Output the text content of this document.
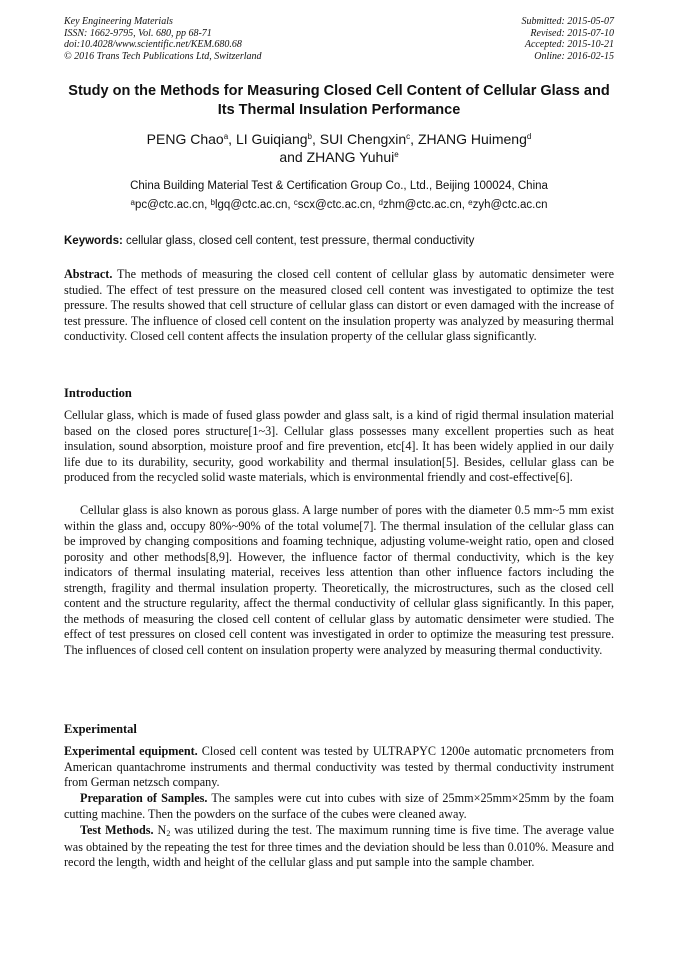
Key Engineering Materials
ISSN: 1662-9795, Vol. 680, pp 68-71
doi:10.4028/www.scientific.net/KEM.680.68
© 2016 Trans Tech Publications Ltd, Switzerland
Submitted: 2015-05-07
Revised: 2015-07-10
Accepted: 2015-10-21
Online: 2016-02-15
Study on the Methods for Measuring Closed Cell Content of Cellular Glass and Its Thermal Insulation Performance
PENG Chao$^a$, LI Guiqiang$^b$, SUI Chengxin$^c$, ZHANG Huimeng$^d$
and ZHANG Yuhui$^e$
China Building Material Test & Certification Group Co., Ltd., Beijing 100024, China
$^a$pc@ctc.ac.cn, $^b$lgq@ctc.ac.cn, $^c$scx@ctc.ac.cn, $^d$zhm@ctc.ac.cn, $^e$zyh@ctc.ac.cn
Keywords: cellular glass, closed cell content, test pressure, thermal conductivity
Abstract. The methods of measuring the closed cell content of cellular glass by automatic densimeter were studied. The effect of test pressure on the measured closed cell content was investigated to optimize the test pressure. The results showed that cell structure of cellular glass can distort or even damaged with the increase of test pressure. The influence of closed cell content on the insulation property was analyzed by measuring thermal conductivity. Closed cell content affects the insulation property of the cellular glass significantly.
Introduction
Cellular glass, which is made of fused glass powder and glass salt, is a kind of rigid thermal insulation material based on the closed pores structure[1~3]. Cellular glass possesses many excellent properties such as heat insulation, sound absorption, moisture proof and fire prevention, etc[4]. It has been widely applied in our daily life due to its durability, security, good workability and thermal insulation[5]. Besides, cellular glass can be produced from the recycled solid waste materials, which is environmental friendly and cost-effective[6].
Cellular glass is also known as porous glass. A large number of pores with the diameter 0.5 mm~5 mm exist within the glass and, occupy 80%~90% of the total volume[7]. The thermal insulation of the cellular glass can be improved by changing compositions and foaming technique, adjusting volume-weight ratio, open and closed porosity and other methods[8,9]. However, the influence factor of thermal conductivity, which is the key indicators of thermal insulating material, receives less attention than other influence factors including the strength, fragility and thermal insulation property. Theoretically, the microstructures, such as the closed cell content and the structure regularity, affect the thermal conductivity of cellular glass significantly. In this paper, the methods of measuring the closed cell content of cellular glass by automatic densimeter were studied. The effect of test pressures on closed cell content was investigated in order to optimize the measuring test pressure. The influences of closed cell content on insulation property were analyzed by measuring thermal conductivity.
Experimental
Experimental equipment. Closed cell content was tested by ULTRAPYC 1200e automatic prcnometers from American quantachrome instruments and thermal conductivity was tested by thermal conductivity instrument from German netzsch company.
Preparation of Samples. The samples were cut into cubes with size of 25mm×25mm×25mm by the foam cutting machine. Then the powders on the surface of the cubes were cleaned away.
Test Methods. $N_2$ was utilized during the test. The maximum running time is five time. The average value was obtained by the repeating the test for three times and the deviation should be less than 0.010%. Measure and record the length, width and height of the cellular glass and put sample into the sample chamber.
